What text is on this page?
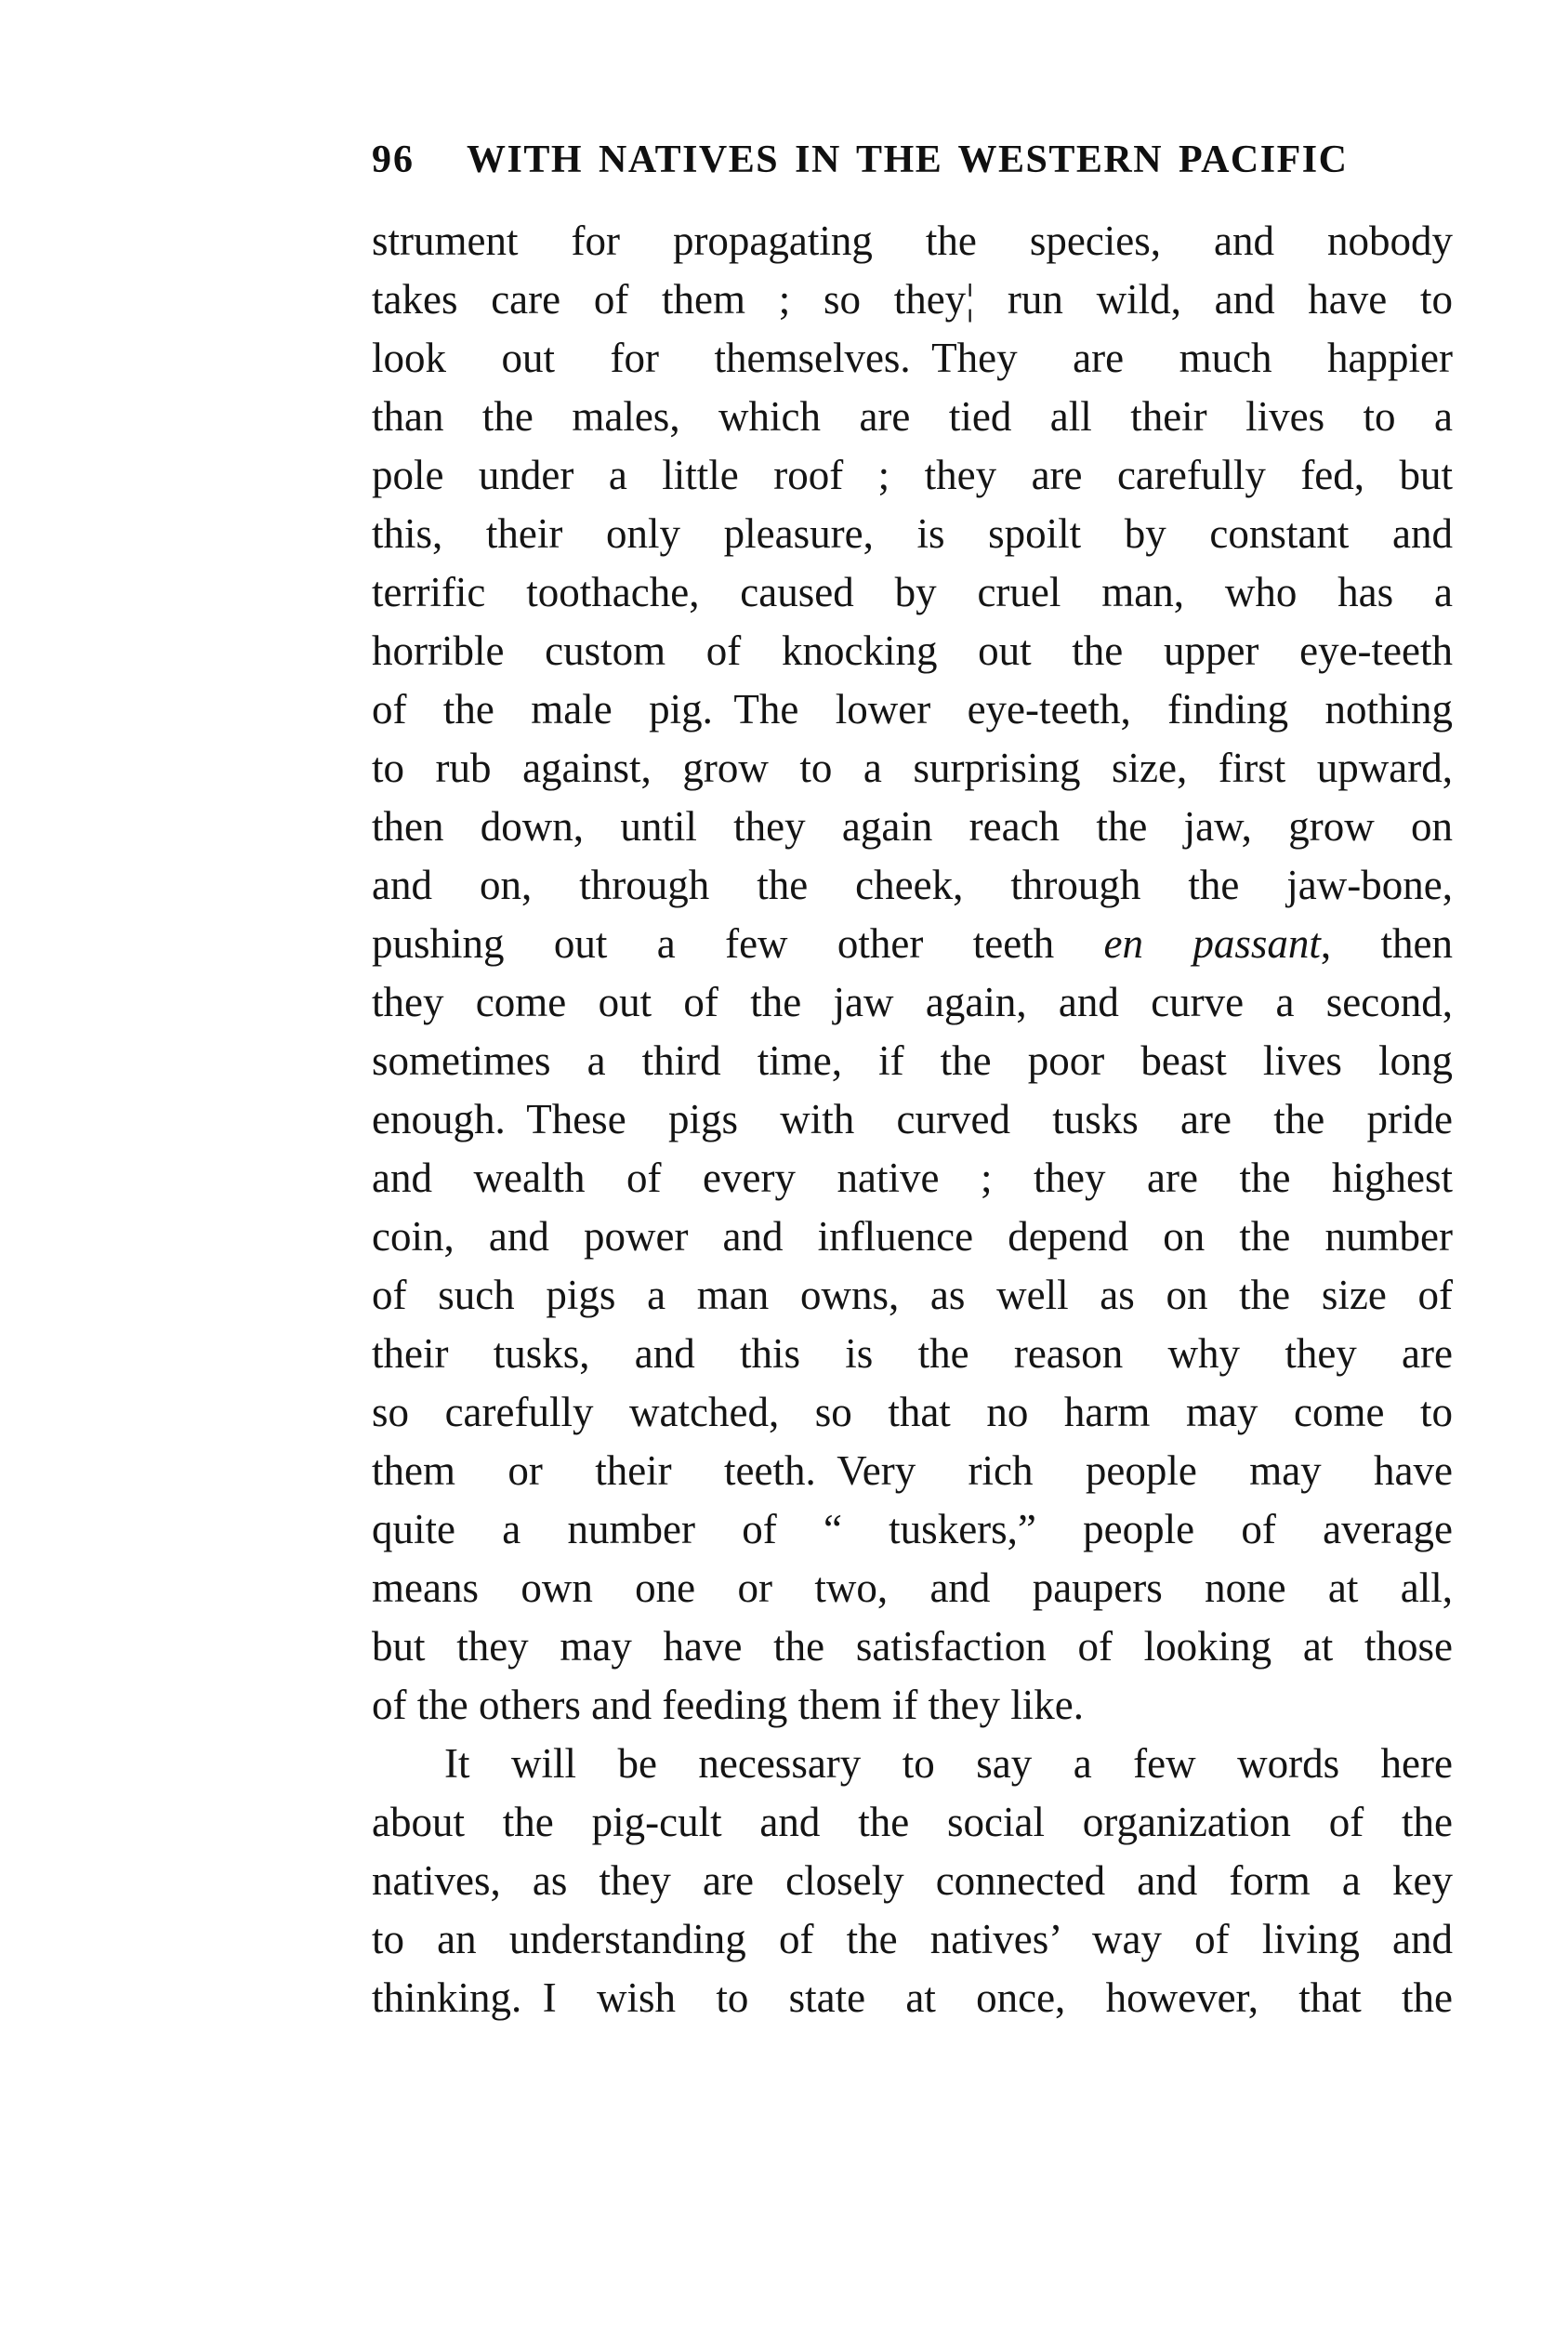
96 WITH NATIVES IN THE WESTERN PACIFIC
strument for propagating the species, and nobody
takes care of them ; so they¦ run wild, and have to
look out for themselves. They are much happier
than the males, which are tied all their lives to a
pole under a little roof ; they are carefully fed, but
this, their only pleasure, is spoilt by constant and
terrific toothache, caused by cruel man, who has a
horrible custom of knocking out the upper eye-teeth
of the male pig. The lower eye-teeth, finding nothing
to rub against, grow to a surprising size, first upward,
then down, until they again reach the jaw, grow on
and on, through the cheek, through the jaw-bone,
pushing out a few other teeth en passant, then
they come out of the jaw again, and curve a second,
sometimes a third time, if the poor beast lives long
enough. These pigs with curved tusks are the pride
and wealth of every native ; they are the highest
coin, and power and influence depend on the number
of such pigs a man owns, as well as on the size of
their tusks, and this is the reason why they are
so carefully watched, so that no harm may come to
them or their teeth. Very rich people may have
quite a number of “ tuskers,” people of average
means own one or two, and paupers none at all,
but they may have the satisfaction of looking at those
of the others and feeding them if they like.
It will be necessary to say a few words here
about the pig-cult and the social organization of the
natives, as they are closely connected and form a key
to an understanding of the natives’ way of living and
thinking. I wish to state at once, however, that the
